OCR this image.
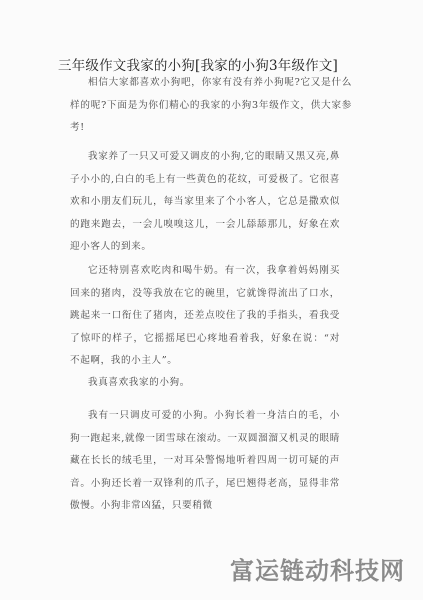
三年级作文我家的小狗[我家的小狗3年级作文]
相信大家都喜欢小狗吧，你家有没有养小狗呢?它又是什么样的呢?下面是为你们精心的我家的小狗3年级作文，供大家参考!
我家养了一只又可爱又调皮的小狗,它的眼睛又黑又亮,鼻子小小的,白白的毛上有一些黄色的花纹，可爱极了。它很喜欢和小朋友们玩儿，每当家里来了个小客人，它总是撒欢似的跑来跑去，一会儿嗅嗅这儿，一会儿舔舔那儿，好象在欢迎小客人的到来。
它还特别喜欢吃肉和喝牛奶。有一次，我拿着妈妈刚买回来的猪肉，没等我放在它的碗里，它就馋得流出了口水，跳起来一口衔住了猪肉，还差点咬住了我的手指头，看我受了惊吓的样子，它摇摇尾巴心疼地看着我，好象在说：“对不起啊，我的小主人”。
我真喜欢我家的小狗。
我有一只调皮可爱的小狗。小狗长着一身洁白的毛，小狗一跑起来,就像一团雪球在滚动。一双圆溜溜又机灵的眼睛藏在长长的绒毛里，一对耳朵警惕地听着四周一切可疑的声音。小狗还长着一双锋利的爪子，尾巴翘得老高，显得非常傲慢。小狗非常凶猛，只要稍微
富运链动科技网
